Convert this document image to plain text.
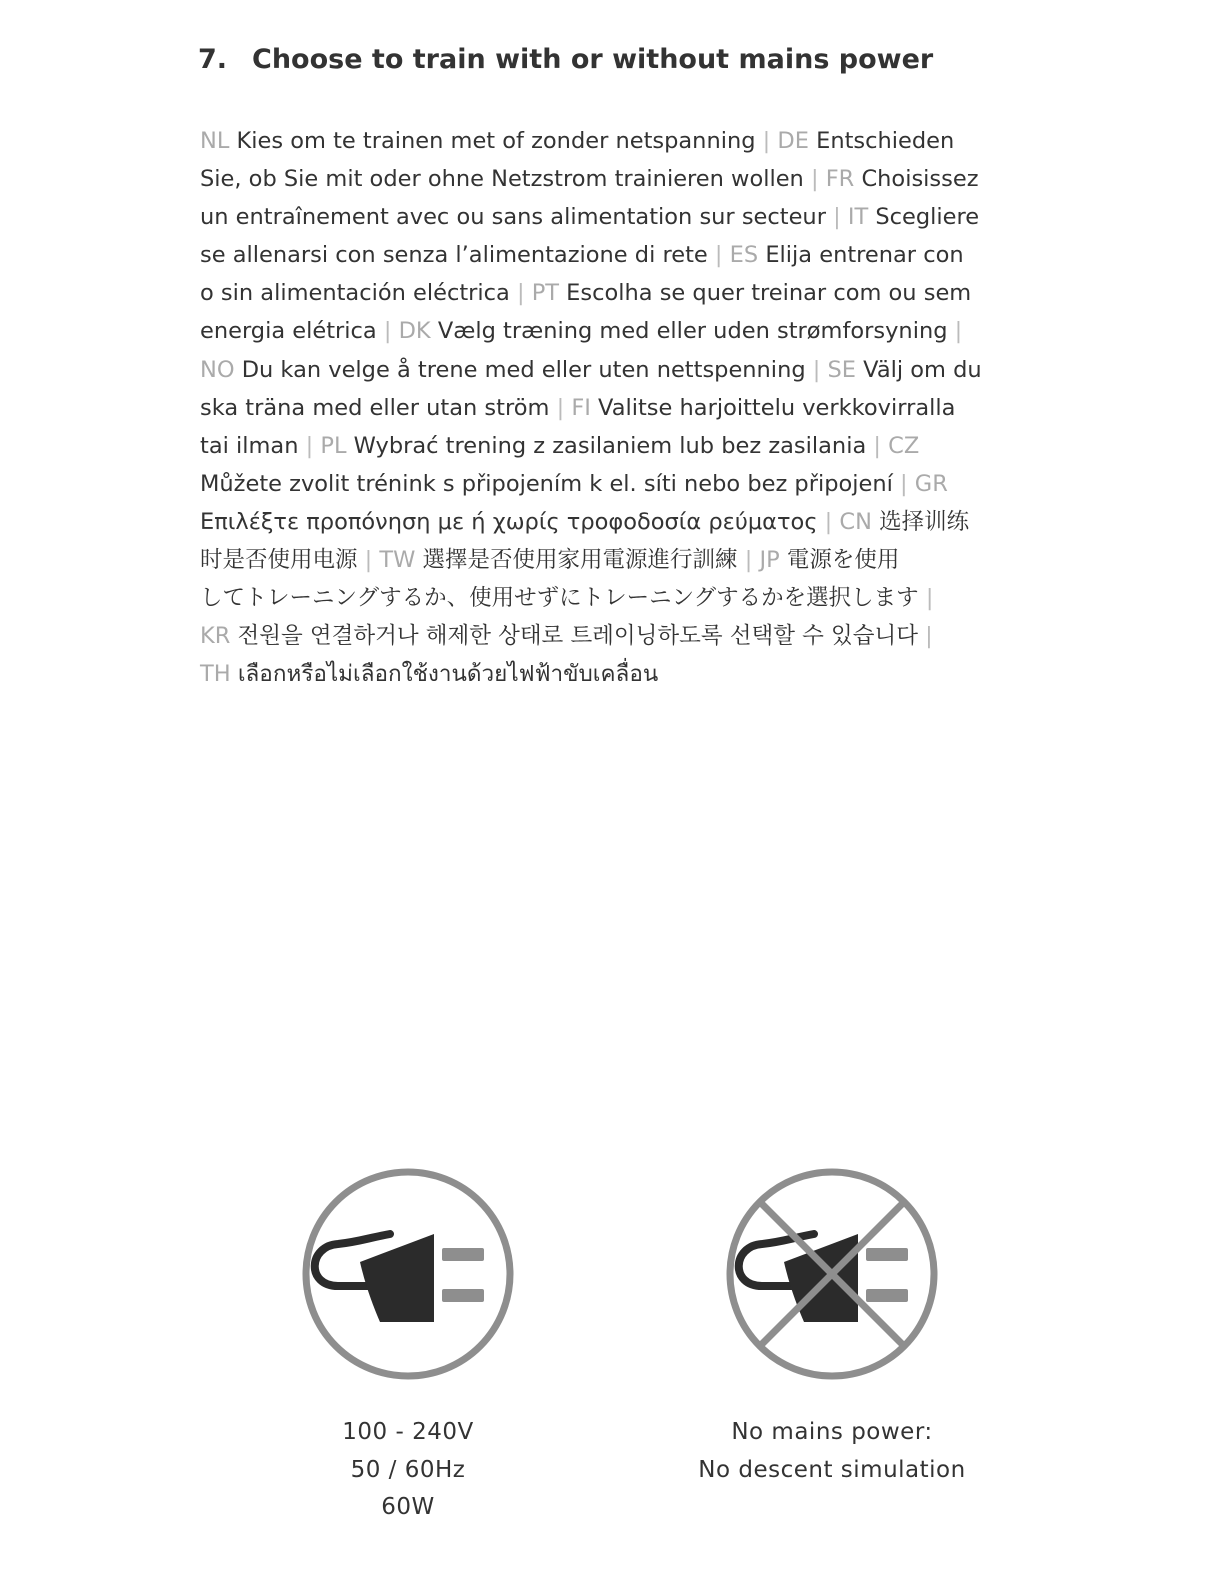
7. Choose to train with or without mains power
NL Kies om te trainen met of zonder netspanning | DE Entschieden
Sie, ob Sie mit oder ohne Netzstrom trainieren wollen | FR Choisissez
un entraînement avec ou sans alimentation sur secteur | IT Scegliere
se allenarsi con senza l’alimentazione di rete | ES Elija entrenar con
o sin alimentación eléctrica | PT Escolha se quer treinar com ou sem
energia elétrica | DK Vælg træning med eller uden strømforsyning |
NO Du kan velge å trene med eller uten nettspenning | SE Välj om du
ska träna med eller utan ström | FI Valitse harjoittelu verkkovirralla
tai ilman | PL Wybrać trening z zasilaniem lub bez zasilania | CZ
Můžete zvolit trénink s připojením k el. síti nebo bez připojení | GR
Επιλέξτε προπόνηση με ή χωρίς τροφοδοσία ρεύματος | CN 选择训练
时是否使用电源 | TW 選擇是否使用家用電源進行訓練 | JP 電源を使用
してトレーニングするか、使用せずにトレーニングするかを選択します |
KR 전원을 연결하거나 해제한 상태로 트레이닝하도록 선택할 수 있습니다 |
TH เลือกหรือไม่เลือกใช้งานด้วยไฟฟ้าขับเคลื่อน
100 - 240V
50 / 60Hz
60W
No mains power:
No descent simulation
